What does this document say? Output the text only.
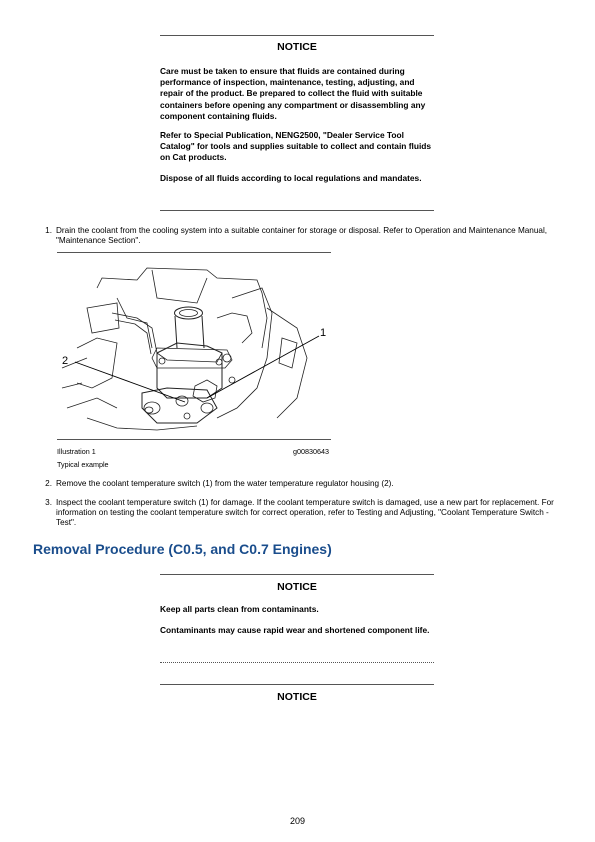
NOTICE
Care must be taken to ensure that fluids are contained during performance of inspection, maintenance, testing, adjusting, and repair of the product. Be prepared to collect the fluid with suitable containers before opening any compartment or disassembling any component containing fluids.
Refer to Special Publication, NENG2500, "Dealer Service Tool Catalog" for tools and supplies suitable to collect and contain fluids on Cat products.
Dispose of all fluids according to local regulations and mandates.
1. Drain the coolant from the cooling system into a suitable container for storage or disposal. Refer to Operation and Maintenance Manual, "Maintenance Section".
1
2
Illustration 1	g00830643
Typical example
2. Remove the coolant temperature switch (1) from the water temperature regulator housing (2).
3. Inspect the coolant temperature switch (1) for damage. If the coolant temperature switch is damaged, use a new part for replacement. For information on testing the coolant temperature switch for correct operation, refer to Testing and Adjusting, "Coolant Temperature Switch - Test".
Removal Procedure (C0.5, and C0.7 Engines)
NOTICE
Keep all parts clean from contaminants.
Contaminants may cause rapid wear and shortened component life.
NOTICE
209
